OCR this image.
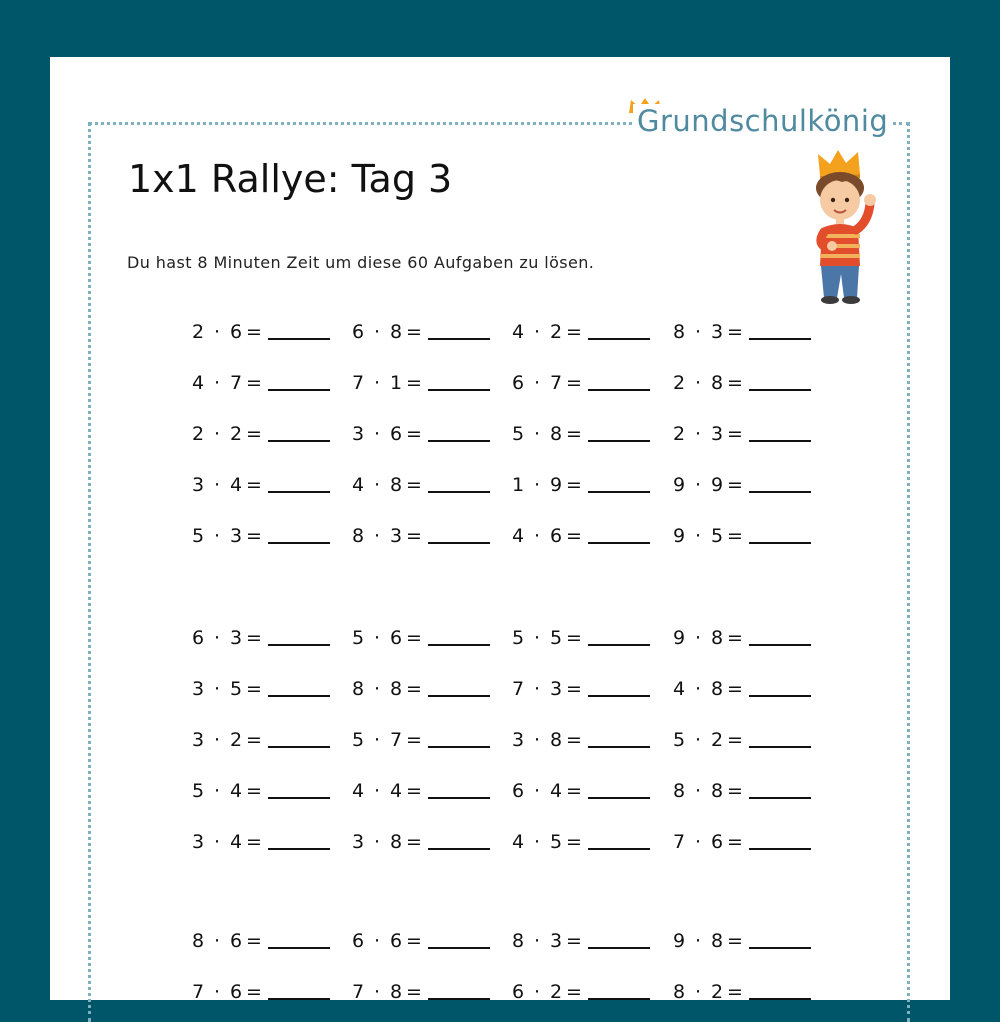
Grundschulkönig
1x1 Rallye: Tag 3
Du hast 8 Minuten Zeit um diese 60 Aufgaben zu lösen.
2 · 6 =	6 · 8 =	4 · 2 =	8 · 3 =
4 · 7 =	7 · 1 =	6 · 7 =	2 · 8 =
2 · 2 =	3 · 6 =	5 · 8 =	2 · 3 =
3 · 4 =	4 · 8 =	1 · 9 =	9 · 9 =
5 · 3 =	8 · 3 =	4 · 6 =	9 · 5 =
6 · 3 =	5 · 6 =	5 · 5 =	9 · 8 =
3 · 5 =	8 · 8 =	7 · 3 =	4 · 8 =
3 · 2 =	5 · 7 =	3 · 8 =	5 · 2 =
5 · 4 =	4 · 4 =	6 · 4 =	8 · 8 =
3 · 4 =	3 · 8 =	4 · 5 =	7 · 6 =
8 · 6 =	6 · 6 =	8 · 3 =	9 · 8 =
7 · 6 =	7 · 8 =	6 · 2 =	8 · 2 =
